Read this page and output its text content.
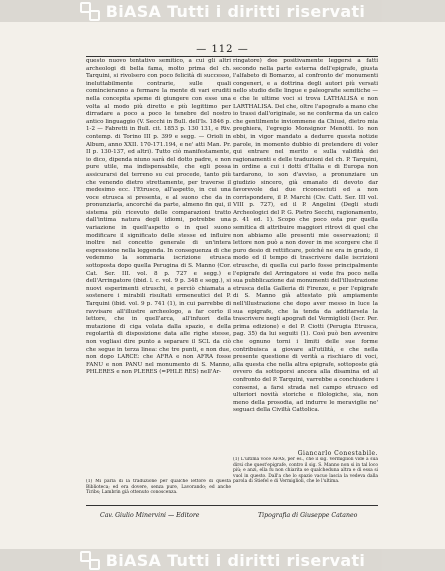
BiASA Tutti i diritti riservati
— 112 —

questo nuovo tentativo semitico, a cui gli altri archeologi di bella fama, molto prima del ch. Tarquini, si rivolsero con poco felicità di successo, ineluttabilmente contrarie, sulle quali comincieranno a fermare la mente di vari eruditi nella concepita speme di giungere con esse una volta al modo più diretto e più legittimo per dirradare a poco a poco le tenebre del nostro antico linguaggio (V. Secchi in Bull. dell'Is. 1846 p. 1-2 — Fabretti in Bull. cit. 1853 p. 130 131, e Riv. contemp. di Torino III p. 399 e segg. — Orioli in Album, anno XXII. 170-171.194, e ne' atti Man. Pr. II p. 130-137, ed altri). Tutto ciò manifestamente, io dico, dipenda niuno sarà del dotto padre, e non pure utile, ma indispensabile, che egli possa assicurarsi del terreno su cui procede, tanto più che venendo dietro strettamente, per traverse il medesimo ecc. l'Etrusco, all'aspetto, in cui una voce etrusca si presenta, e al suono che da in pronunziarla, ancorché da parte, almeno fin qui, il sistema più ricevuto delle comparazioni tratto dall'intima natura degli idiomi, potrebbe una variazione in quell'aspetto o in quel suono modificare il significato delle stesse ed influire inoltre nel concetto generale di un'intera espressione nella leggenda. In conseguenza di che vedemmo la sommaria iscrizione etrusca sottoposta dopo quella Perugina di S. Manno (Cor. Cat. Ser. III. vol. 8 p. 727 e segg.) e dell'Arringatore (ibid. l. c. vol. 9 p. 348 e segg.), si nuovi esperimenti etruschi, e perciò chiamata a sostenere i mirabili risultati ermeneutici del P. Tarquini (ibid. vol. 9 p. 741 (1), in cui parrebbe di ravvisare all'illustre archeologo, a far certo il lettore, che in quell'arca, all'infuori della mutazione di ciga volata dalla spazio, e della regolarità di disposizione data alle righe stesse, non vogliasi dire punto a separare il SCL da ciò che segue in terza linea: che tre punti, e non due, non dopo LARCE: che AFRA e non AFRA fosse FANU e non PANU nel monumento di S. Manno, PHLERES e non PLERES (=PHLE RES) nell'Ar-

ringatore) dee positivamente leggersi a fatti secondo nella parte esterna dell'epigrafe, giusta l'alfabeto di Bomarzo, al confronto de' monumenti congeneri, e a dottrina degli autori più versati nello studio delle lingue e paleografie semitiche — e che le ultime voci si trova LATHALISA e non LARTHALISA. Del che, oltre l'apografo a mano che io trassi dall'originale, se ne conferma da un calco che gentilmente inviommene da Chiusi, dietro mia preghiera, l'egregio Monsignor Menotti. Io non ebbi, in vigor mandato a dedurre questa notizie parole, in momento dubbio di pretendere di voler qui entrare nel merito e sulla validità dei ragionamenti e delle traduzioni del ch. P. Tarquini, in ordine a cui i dotti d'Italia e di Europa non tardarono, io son d'avviso, a pronunziare un giudizio sincero, già emanato di devoto dar favorevole dai due riconosciuti ed a non corrispondere, il P. Marchi (Civ. Catt. Ser. III vol. VIII p. 727), ed il P. Angelini (Degli studi Archeologici del P. G. Pietro Secchi, ragionamento, p. 41 ed. 1). Scopo che poco osta pur quella semitica di attribuire maggiori ritrovi di quel che non abbiamo alle presenti mie osservazioni; il lettore non può a non dover in me scorgere che il puro desio di rettificare, poiché ne era in grado, il modo ed il tempo di trascrivere dalle iscrizioni etrusche, di quella cui parlo fosse principalmente l'epigrafe del Arringatore si vede fra poco nella sua pubblicazione dai monumenti dell'illustrazione etrusca della Galleria di Firenze, e per l'epigrafe di S. Manno già attestato più ampiamente nell'illustrazione che dopo aver messo in luce la sua epigrafe, che la tenda da additarsela la trascrivere negli apografi del Vermiglioli (Iscr. Per. prima edizione) e del P. Ciotti (Perugia Etrusca, pag. 35) da lui seguiti (1). Così può ben avvenire che ognuno torni i limiti delle sue forme contribuisca a giovare all'utilità, e che nella presente questione di verità a rischiaro di voci, alla questa che nella altra epigrafe, sottoposte già ovvero da sottoporsi ancora alla disamina ed al confronto del P. Tarquini, varrebbe a conchiudere i consensi, a farsi strada nel campo etrusco ed ulteriori novità storiche e filologiche, sia, non meno della prosodia, ad indurre le meraviglie ne' seguaci della Civiltà Cattolica.

Giancarlo Conestabile.
(1) Mi parla di la traduzione per qualche lettore di questa Biblioteca; ed era dovere, senza pure, Lavorando; ed anche Tiribs; Lambrin già ottenuto conoscenza.
(1) L'ultima voce AFAS, per es., che il sig. Vermiglioli vide a sua dirsi che quest'epigrafe, contro il sig. S. Manno non si in tal loco più; e anzi, ella fu non chiarita se qualcheduna altra e di essa si vuol in questo. Dall'a che lo spazio vacuo lascia la vedeva dalla parola di Stiefel e di Vermiglioli, che le l'ultima.
Cav. Giulio Minervini — Editore	Tipografia di Giuseppe Cataneo
BiASA Tutti i diritti riservati
